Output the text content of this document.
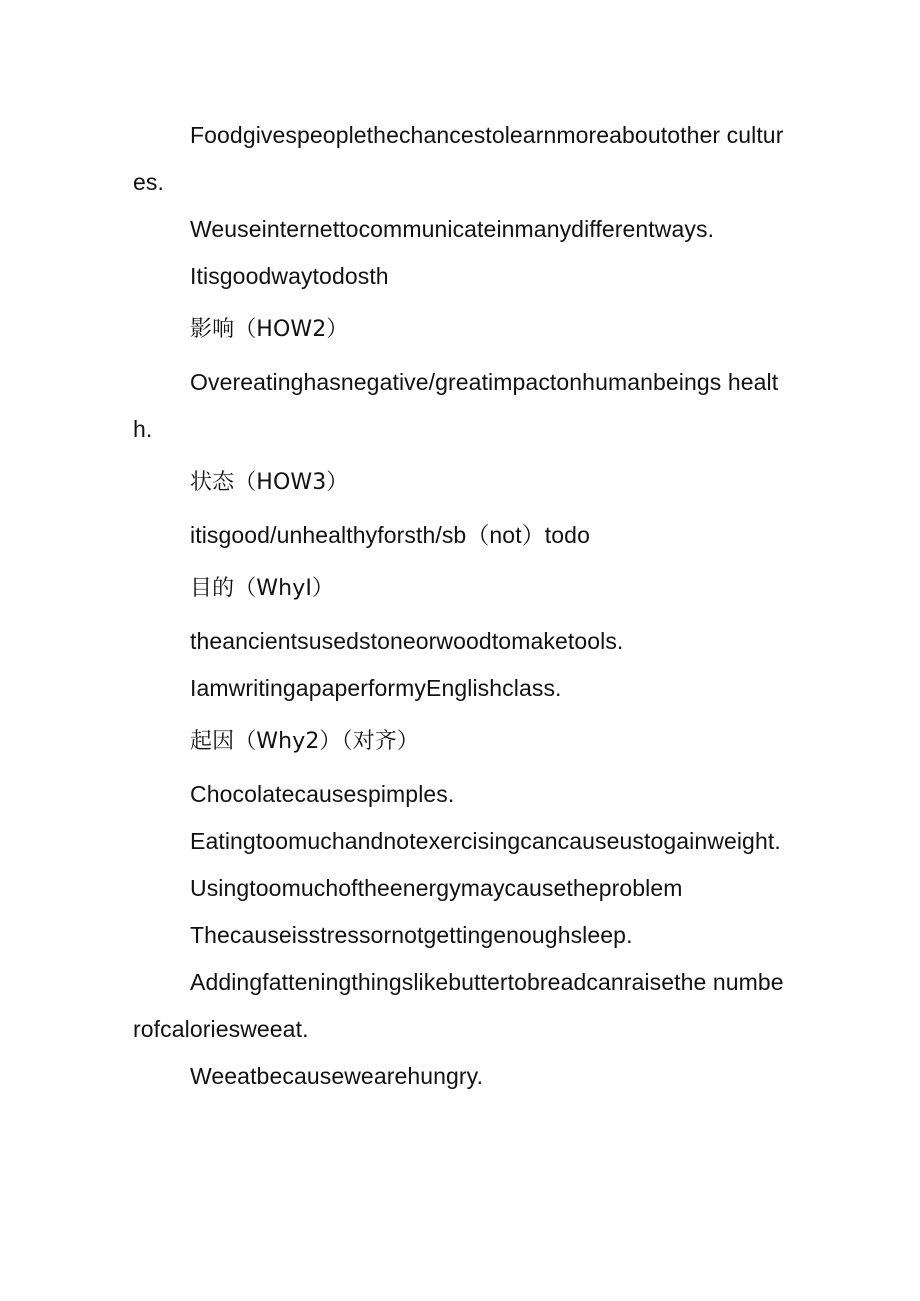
Foodgivespeoplethechancestolearnmoreaboutother cultures.

Weuseinternettocommunicateinmanydifferentways.

Itisgoodwaytodosth

影响（HOW2）

Overeatinghasnegative/greatimpactonhumanbeings health.

状态（HOW3）

itisgood/unhealthyforsth/sb（not）todo

目的（WhyI）

theancientsusedstoneorwoodtomaketools.

IamwritingapaperformyEnglishclass.

起因（Why2）（对齐）

Chocolatecausespimples.

Eatingtoomuchandnotexercisingcancauseustogainweight.

Usingtoomuchoftheenergymaycausetheproblem

Thecauseisstressornotgettingenoughsleep.

Addingfatteningthingslikebuttertobreadcanraisethe numberofcaloriesweeat.

Weeatbecausewearehungry.
